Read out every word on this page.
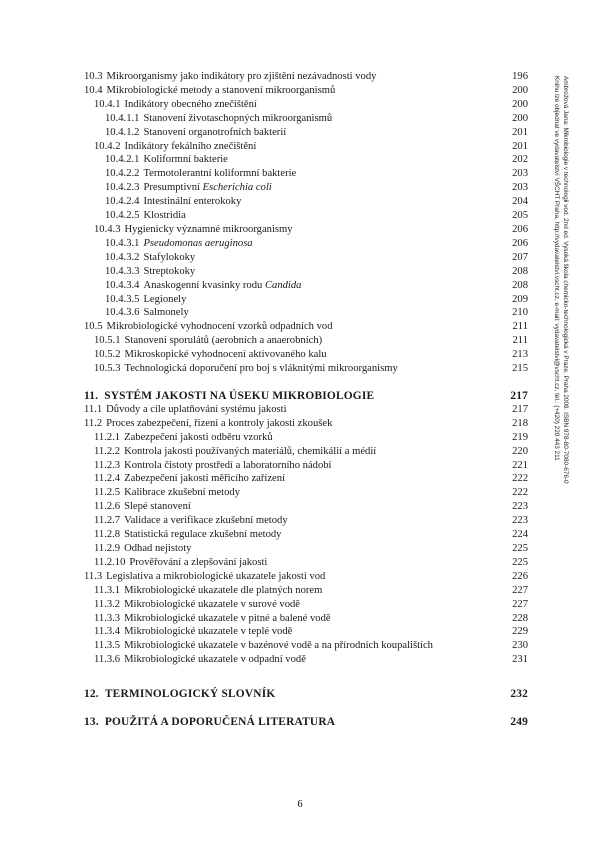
10.3 Mikroorganismy jako indikátory pro zjištění nezávadnosti vody	196
10.4 Mikrobiologické metody a stanovení mikroorganismů	200
10.4.1 Indikátory obecného znečištění	200
10.4.1.1 Stanovení životaschopných mikroorganismů	200
10.4.1.2 Stanovení organotrofních bakterií	201
10.4.2 Indikátory fekálního znečištění	201
10.4.2.1 Koliformní bakterie	202
10.4.2.2 Termotolerantní koliformní bakterie	203
10.4.2.3 Presumptivní Escherichia coli	203
10.4.2.4 Intestinální enterokoky	204
10.4.2.5 Klostridia	205
10.4.3 Hygienicky významné mikroorganismy	206
10.4.3.1 Pseudomonas aeruginosa	206
10.4.3.2 Stafylokoky	207
10.4.3.3 Streptokoky	208
10.4.3.4 Anaskogenní kvasinky rodu Candida	208
10.4.3.5 Legionely	209
10.4.3.6 Salmonely	210
10.5 Mikrobiologické vyhodnocení vzorků odpadních vod	211
10.5.1 Stanovení sporulátů (aerobních a anaerobních)	211
10.5.2 Mikroskopické vyhodnocení aktivovaného kalu	213
10.5.3 Technologická doporučení pro boj s vláknitými mikroorganismy	215
11. SYSTÉM JAKOSTI NA ÚSEKU MIKROBIOLOGIE	217
11.1 Důvody a cíle uplatňování systému jakosti	217
11.2 Proces zabezpečení, řízení a kontroly jakosti zkoušek	218
11.2.1 Zabezpečení jakosti odběru vzorků	219
11.2.2 Kontrola jakosti používaných materiálů, chemikálií a médií	220
11.2.3 Kontrola čistoty prostředí a laboratorního nádobí	221
11.2.4 Zabezpečení jakosti měřicího zařízení	222
11.2.5 Kalibrace zkušební metody	222
11.2.6 Slepé stanovení	223
11.2.7 Validace a verifikace zkušební metody	223
11.2.8 Statistická regulace zkušební metody	224
11.2.9 Odhad nejistoty	225
11.2.10 Prověřování a zlepšování jakosti	225
11.3 Legislativa a mikrobiologické ukazatele jakosti vod	226
11.3.1 Mikrobiologické ukazatele dle platných norem	227
11.3.2 Mikrobiologické ukazatele v surové vodě	227
11.3.3 Mikrobiologické ukazatele v pitné a balené vodě	228
11.3.4 Mikrobiologické ukazatele v teplé vodě	229
11.3.5 Mikrobiologické ukazatele v bazénové vodě a na přírodních koupalištích	230
11.3.6 Mikrobiologické ukazatele v odpadní vodě	231
12. TERMINOLOGICKÝ SLOVNÍK	232
13. POUŽITÁ A DOPORUČENÁ LITERATURA	249
6
Ambrožová Jana: Mikrobiologie v technologii vod. 2nd ed. Vysoká škola chemicko-technologická v Praze, Praha 2008. ISBN 978-80-7080-676-0
Knihu lze objednat ve vydavatelství VŠCHT Praha, http://vydavatelstvi.vscht.cz, e-mail: vydavatelstvi@vscht.cz, tel.: (+420) 220 443 211
